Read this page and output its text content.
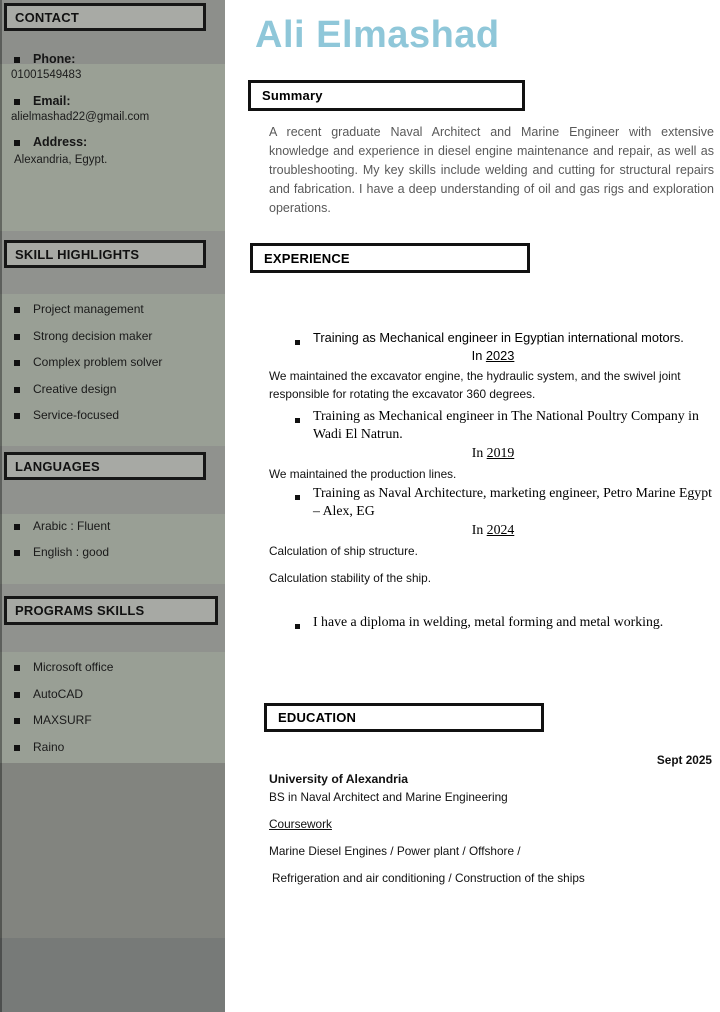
CONTACT
Phone:
01001549483
Email:
alielmashad22@gmail.com
Address:
Alexandria, Egypt.
SKILL HIGHLIGHTS
Project management
Strong decision maker
Complex problem solver
Creative design
Service-focused
LANGUAGES
Arabic : Fluent
English : good
PROGRAMS SKILLS
Microsoft office
AutoCAD
MAXSURF
Raino
Ali Elmashad
Summary

A recent graduate Naval Architect and Marine Engineer with extensive knowledge and experience in diesel engine maintenance and repair, as well as troubleshooting. My key skills include welding and cutting for structural repairs and fabrication. I have a deep understanding of oil and gas rigs and exploration operations.

EXPERIENCE
Training as Mechanical engineer in Egyptian international motors.
In 2023
We maintained the excavator engine, the hydraulic system, and the swivel joint responsible for rotating the excavator 360 degrees.
Training as Mechanical engineer in The National Poultry Company in Wadi El Natrun.
In 2019
We maintained the production lines.
Training as Naval Architecture, marketing engineer, Petro Marine Egypt – Alex, EG
In 2024
Calculation of ship structure.
Calculation stability of the ship.
I have a diploma in welding, metal forming and metal working.
EDUCATION
Sept 2025
University of Alexandria
BS in Naval Architect and Marine Engineering
Coursework
Marine Diesel Engines / Power plant / Offshore /
Refrigeration and air conditioning / Construction of the ships
